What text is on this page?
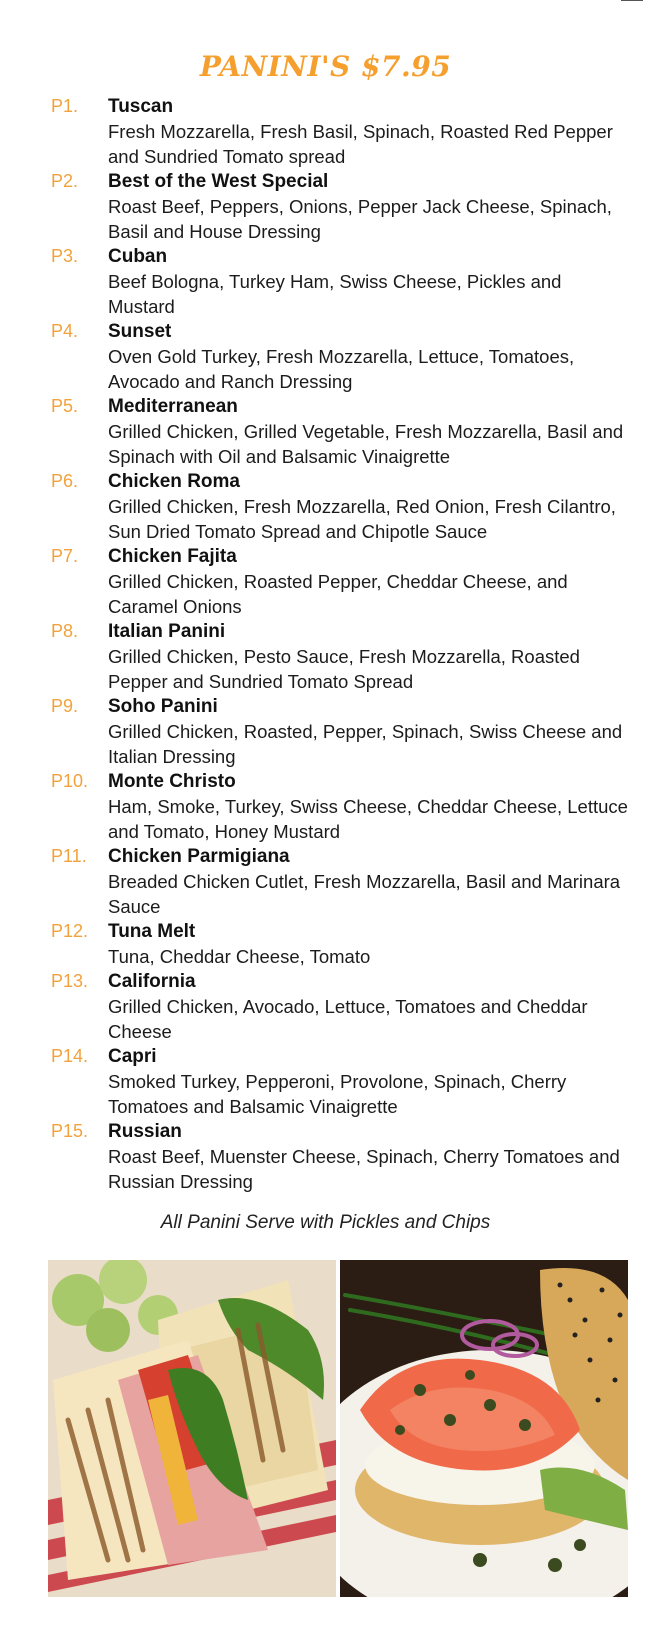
PANINI'S $7.95
P1.	Tuscan
Fresh Mozzarella, Fresh Basil, Spinach, Roasted Red Pepper and Sundried Tomato spread
P2.	Best of the West Special
Roast Beef, Peppers, Onions, Pepper Jack Cheese, Spinach, Basil and House Dressing
P3.	Cuban
Beef Bologna, Turkey Ham, Swiss Cheese, Pickles and Mustard
P4.	Sunset
Oven Gold Turkey, Fresh Mozzarella, Lettuce, Tomatoes, Avocado and Ranch Dressing
P5.	Mediterranean
Grilled Chicken, Grilled Vegetable, Fresh Mozzarella, Basil and Spinach with Oil and Balsamic Vinaigrette
P6.	Chicken Roma
Grilled Chicken, Fresh Mozzarella, Red Onion, Fresh Cilantro, Sun Dried Tomato Spread and Chipotle Sauce
P7.	Chicken Fajita
Grilled Chicken, Roasted Pepper, Cheddar Cheese, and Caramel Onions
P8.	Italian Panini
Grilled Chicken, Pesto Sauce, Fresh Mozzarella, Roasted Pepper and Sundried Tomato Spread
P9.	Soho Panini
Grilled Chicken, Roasted, Pepper, Spinach, Swiss Cheese and Italian Dressing
P10.	Monte Christo
Ham, Smoke, Turkey, Swiss Cheese, Cheddar Cheese, Lettuce and Tomato, Honey Mustard
P11.	Chicken Parmigiana
Breaded Chicken Cutlet, Fresh Mozzarella, Basil and Marinara Sauce
P12.	Tuna Melt
Tuna, Cheddar Cheese, Tomato
P13.	California
Grilled Chicken, Avocado, Lettuce, Tomatoes and Cheddar Cheese
P14.	Capri
Smoked Turkey, Pepperoni, Provolone, Spinach, Cherry Tomatoes and Balsamic Vinaigrette
P15.	Russian
Roast Beef, Muenster Cheese, Spinach, Cherry Tomatoes and Russian Dressing
All Panini Serve with Pickles and Chips
